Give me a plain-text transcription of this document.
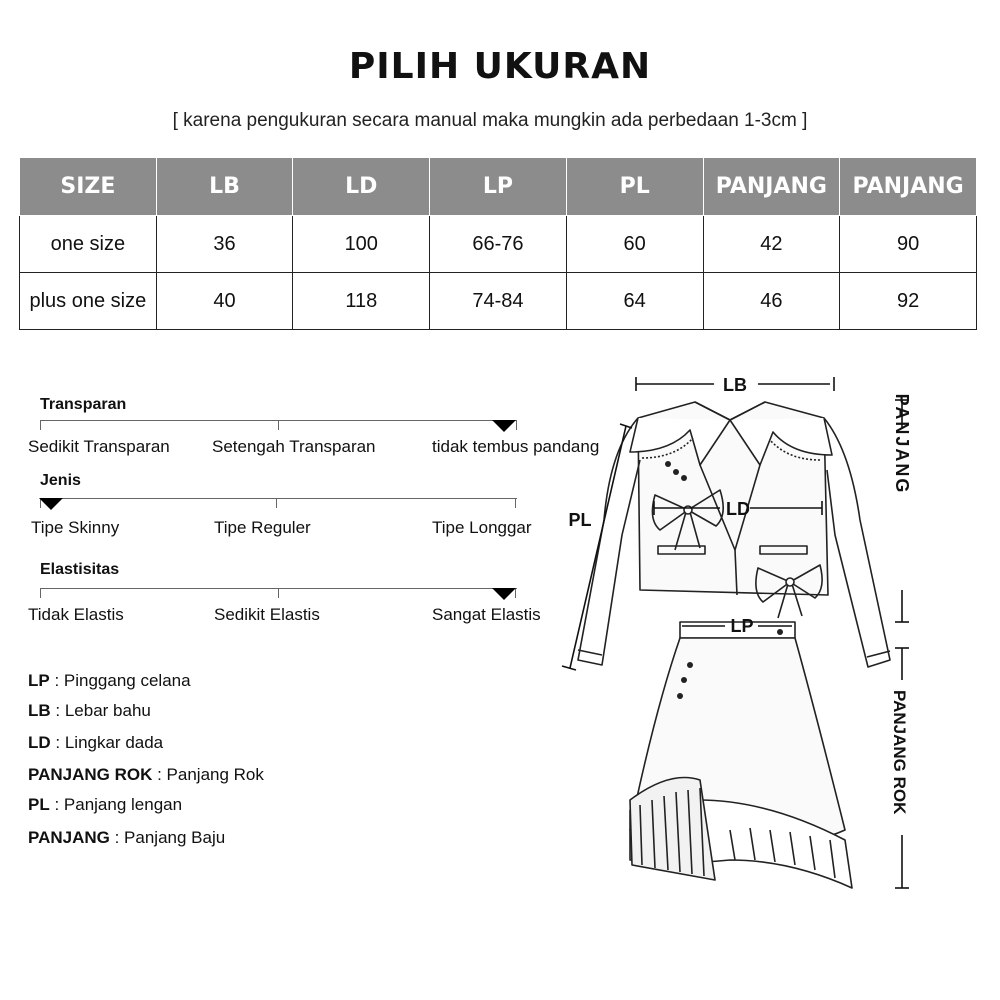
PILIH UKURAN
[ karena pengukuran secara manual maka mungkin ada perbedaan 1-3cm ]
SIZE	LB	LD	LP	PL	PANJANG	PANJANG
one size	36	100	66-76	60	42	90
plus one size	40	118	74-84	64	46	92
Transparan
Sedikit Transparan Setengah Transparan	tidak tembus pandang
Jenis
Tipe Skinny	Tipe Reguler	Tipe Longgar
Elastisitas
Tidak Elastis	Sedikit Elastis	Sangat Elastis
LP : Pinggang celana
LB : Lebar bahu
LD : Lingkar dada
PANJANG ROK : Panjang Rok
PL : Panjang lengan
PANJANG : Panjang Baju
LB
LD
PL
LP
PANJANG
PANJANG ROK
